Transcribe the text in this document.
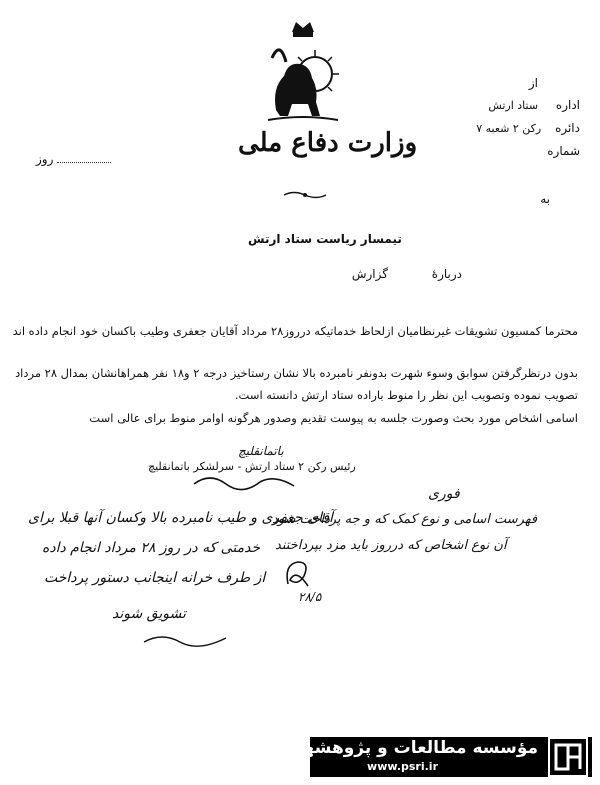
وزارت دفاع ملی
روز
از
اداره ستاد ارتش
دائره رکن ۲ شعبه ۷
شماره
به
تیمسار ریاست ستاد ارتش
دربارهٔ گزارش
محترما کمسیون تشویقات غیرنظامیان ازلحاظ خدماتیکه درروز۲۸ مرداد آقایان جعفری وطیب باکسان خود انجام داده اند
بدون درنظرگرفتن سوابق وسوء شهرت بدونفر نامبرده بالا نشان رستاخیز درجه ۲ و۱۸ نفر همراهانشان بمدال ۲۸ مرداد
تصویب نموده وتصویب این نظر را منوط باراده ستاد ارتش دانسته است.
اسامی اشخاص مورد بحث وصورت جلسه به پیوست تقدیم وصدور هرگونه اوامر منوط برای عالی است
باتمانقلیچ
رئیس رکن ۲ ستاد ارتش - سرلشکر باتمانقلیچ
آقای جعفری و طیب نامبرده بالا وکسان آنها قبلا برای
خدمتی که در روز ۲۸ مرداد انجام داده
از طرف خرانه اینجانب دستور پرداخت
تشویق شوند
فوری
فهرست اسامی و نوع کمک که و جه پرداخت شود
آن نوع اشخاص که درروز باید مزد بپرداختند
۲۸/۵
مؤسسه مطالعات و پژوهشهای سیاسی
www.psri.ir
